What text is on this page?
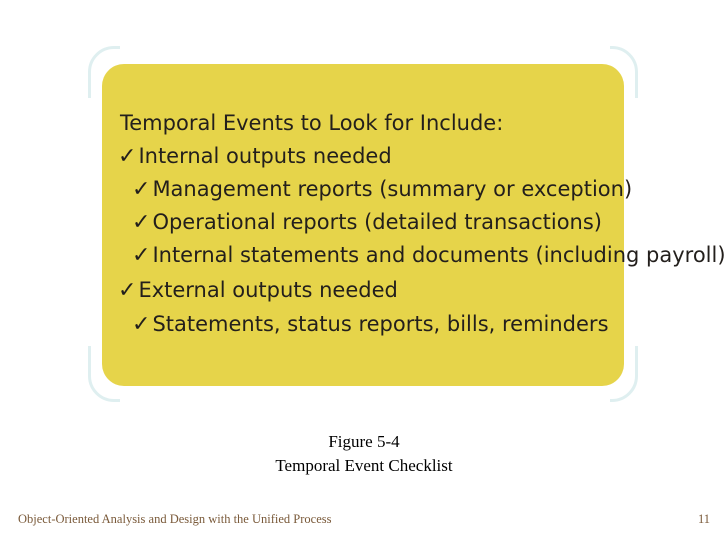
Temporal Events to Look for Include:
✓Internal outputs needed
✓Management reports (summary or exception)
✓Operational reports (detailed transactions)
✓Internal statements and documents (including payroll)
✓External outputs needed
✓Statements, status reports, bills, reminders
Figure 5-4
Temporal Event Checklist
Object-Oriented Analysis and Design with the Unified Process	11
